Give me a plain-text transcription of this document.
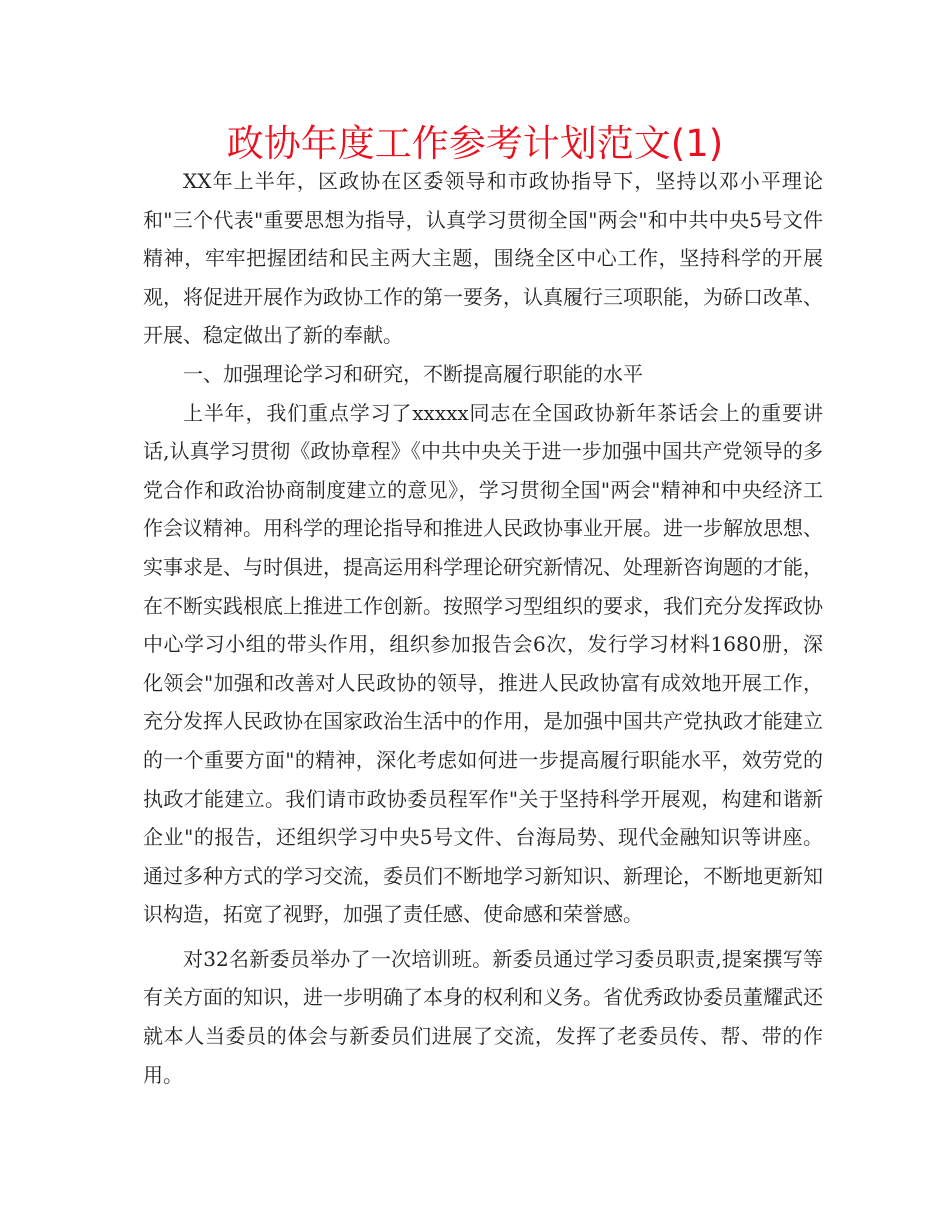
政协年度工作参考计划范文(1)

XX年上半年，区政协在区委领导和市政协指导下，坚持以邓小平理论和"三个代表"重要思想为指导，认真学习贯彻全国"两会"和中共中央5号文件精神，牢牢把握团结和民主两大主题，围绕全区中心工作，坚持科学的开展观，将促进开展作为政协工作的第一要务，认真履行三项职能，为硚口改革、开展、稳定做出了新的奉献。

一、加强理论学习和研究，不断提高履行职能的水平

上半年，我们重点学习了xxxxx同志在全国政协新年茶话会上的重要讲话,认真学习贯彻《政协章程》《中共中央关于进一步加强中国共产党领导的多党合作和政治协商制度建立的意见》，学习贯彻全国"两会"精神和中央经济工作会议精神。用科学的理论指导和推进人民政协事业开展。进一步解放思想、实事求是、与时俱进，提高运用科学理论研究新情况、处理新咨询题的才能，在不断实践根底上推进工作创新。按照学习型组织的要求，我们充分发挥政协中心学习小组的带头作用，组织参加报告会6次，发行学习材料1680册，深化领会"加强和改善对人民政协的领导，推进人民政协富有成效地开展工作，充分发挥人民政协在国家政治生活中的作用，是加强中国共产党执政才能建立的一个重要方面"的精神，深化考虑如何进一步提高履行职能水平，效劳党的执政才能建立。我们请市政协委员程军作"关于坚持科学开展观，构建和谐新企业"的报告，还组织学习中央5号文件、台海局势、现代金融知识等讲座。通过多种方式的学习交流，委员们不断地学习新知识、新理论，不断地更新知识构造，拓宽了视野，加强了责任感、使命感和荣誉感。

对32名新委员举办了一次培训班。新委员通过学习委员职责,提案撰写等有关方面的知识，进一步明确了本身的权利和义务。省优秀政协委员董耀武还就本人当委员的体会与新委员们进展了交流，发挥了老委员传、帮、带的作用。
